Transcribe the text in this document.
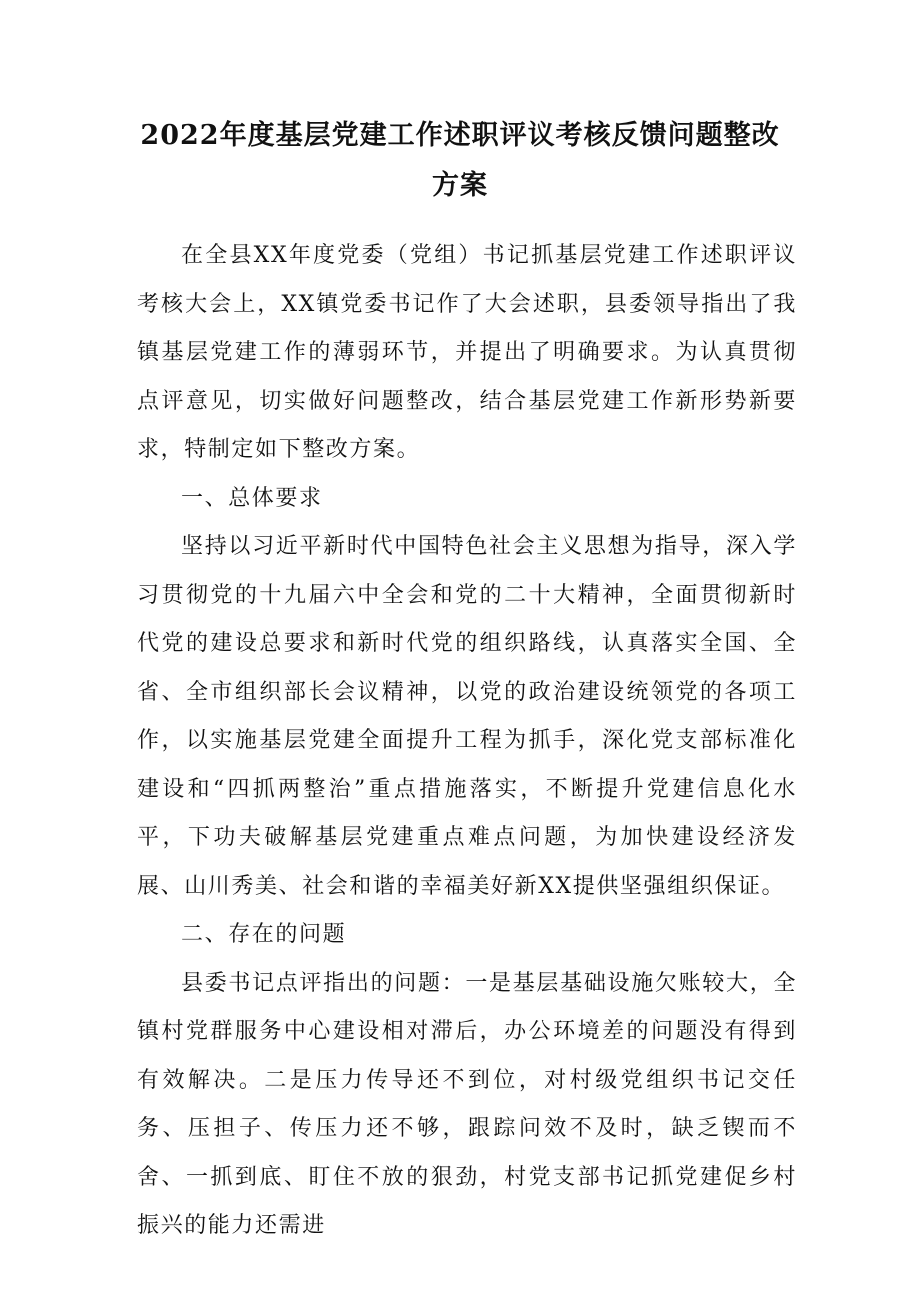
2022年度基层党建工作述职评议考核反馈问题整改
方案

在全县XX年度党委（党组）书记抓基层党建工作述职评议考核大会上，XX镇党委书记作了大会述职，县委领导指出了我镇基层党建工作的薄弱环节，并提出了明确要求。为认真贯彻点评意见，切实做好问题整改，结合基层党建工作新形势新要求，特制定如下整改方案。

一、总体要求

坚持以习近平新时代中国特色社会主义思想为指导，深入学习贯彻党的十九届六中全会和党的二十大精神，全面贯彻新时代党的建设总要求和新时代党的组织路线，认真落实全国、全省、全市组织部长会议精神，以党的政治建设统领党的各项工作，以实施基层党建全面提升工程为抓手，深化党支部标准化建设和“四抓两整治”重点措施落实，不断提升党建信息化水平，下功夫破解基层党建重点难点问题，为加快建设经济发展、山川秀美、社会和谐的幸福美好新XX提供坚强组织保证。

二、存在的问题

县委书记点评指出的问题：一是基层基础设施欠账较大，全镇村党群服务中心建设相对滞后，办公环境差的问题没有得到有效解决。二是压力传导还不到位，对村级党组织书记交任务、压担子、传压力还不够，跟踪问效不及时，缺乏锲而不舍、一抓到底、盯住不放的狠劲，村党支部书记抓党建促乡村振兴的能力还需进
